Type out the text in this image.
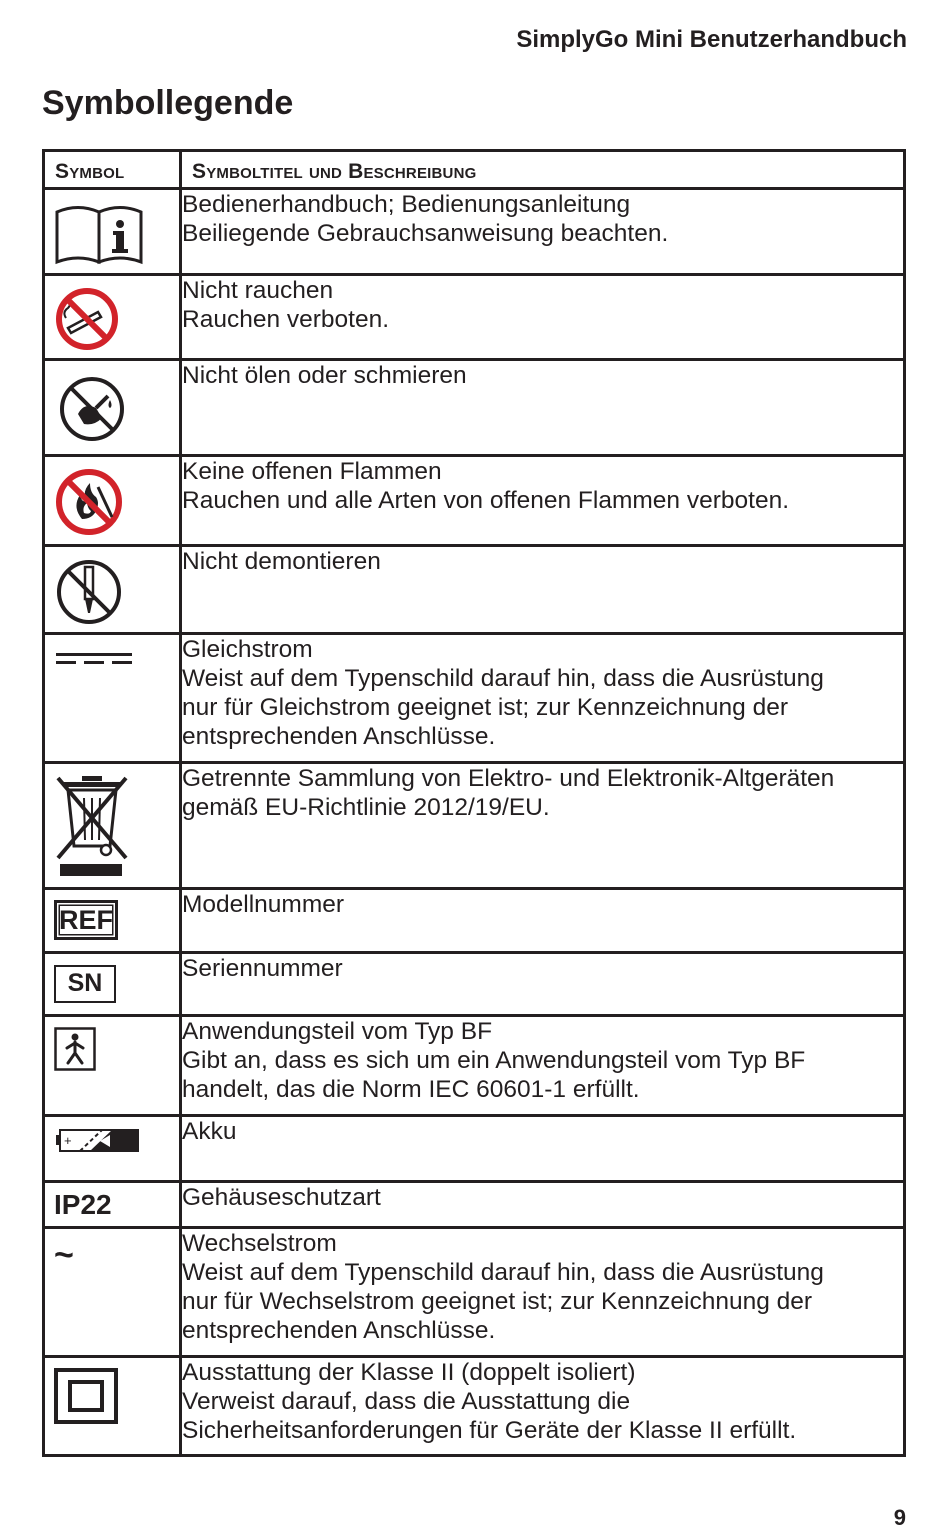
SimplyGo Mini Benutzerhandbuch
Symbollegende
Symbol	Symboltitel und Beschreibung

Bedienerhandbuch; Bedienungsanleitung
Beiliegende Gebrauchsanweisung beachten.

Nicht rauchen
Rauchen verboten.

Nicht ölen oder schmieren

Keine offenen Flammen
Rauchen und alle Arten von offenen Flammen verboten.

Nicht demontieren

Gleichstrom
Weist auf dem Typenschild darauf hin, dass die Ausrüstung
nur für Gleichstrom geeignet ist; zur Kennzeichnung der
entsprechenden Anschlüsse.

Getrennte Sammlung von Elektro- und Elektronik-Altgeräten
gemäß EU-Richtlinie 2012/19/EU.

REF	Modellnummer

SN	Seriennummer

Anwendungsteil vom Typ BF
Gibt an, dass es sich um ein Anwendungsteil vom Typ BF
handelt, das die Norm IEC 60601-1 erfüllt.

+	Akku

IP22	Gehäuseschutzart

~	Wechselstrom
Weist auf dem Typenschild darauf hin, dass die Ausrüstung
nur für Wechselstrom geeignet ist; zur Kennzeichnung der
entsprechenden Anschlüsse.

Ausstattung der Klasse II (doppelt isoliert)
Verweist darauf, dass die Ausstattung die
Sicherheitsanforderungen für Geräte der Klasse II erfüllt.
9
